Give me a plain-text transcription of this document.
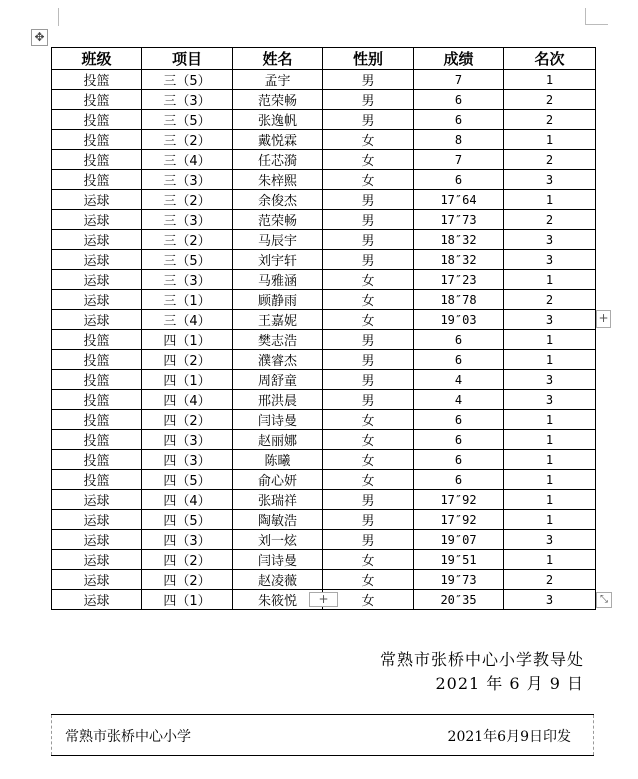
✥
班级	项目	姓名	性别	成绩	名次
投篮	三（5）	孟宇	男	7	1
投篮	三（3）	范荣畅	男	6	2
投篮	三（5）	张逸帆	男	6	2
投篮	三（2）	戴悦霖	女	8	1
投篮	三（4）	任芯漪	女	7	2
投篮	三（3）	朱梓熙	女	6	3
运球	三（2）	余俊杰	男	17″64	1
运球	三（3）	范荣畅	男	17″73	2
运球	三（2）	马辰宇	男	18″32	3
运球	三（5）	刘宇轩	男	18″32	3
运球	三（3）	马雅涵	女	17″23	1
运球	三（1）	顾静雨	女	18″78	2
运球	三（4）	王嘉妮	女	19″03	3
投篮	四（1）	樊志浩	男	6	1
投篮	四（2）	濮睿杰	男	6	1
投篮	四（1）	周舒童	男	4	3
投篮	四（4）	邢洪晨	男	4	3
投篮	四（2）	闫诗曼	女	6	1
投篮	四（3）	赵丽娜	女	6	1
投篮	四（3）	陈曦	女	6	1
投篮	四（5）	俞心妍	女	6	1
运球	四（4）	张瑞祥	男	17″92	1
运球	四（5）	陶敏浩	男	17″92	1
运球	四（3）	刘一炫	男	19″07	3
运球	四（2）	闫诗曼	女	19″51	1
运球	四（2）	赵凌薇	女	19″73	2
运球	四（1）	朱筱悦	女	20″35	3
+
+	⤡
常熟市张桥中心小学教导处
2021 年 6 月 9 日
常熟市张桥中心小学	2021年6月9日印发
